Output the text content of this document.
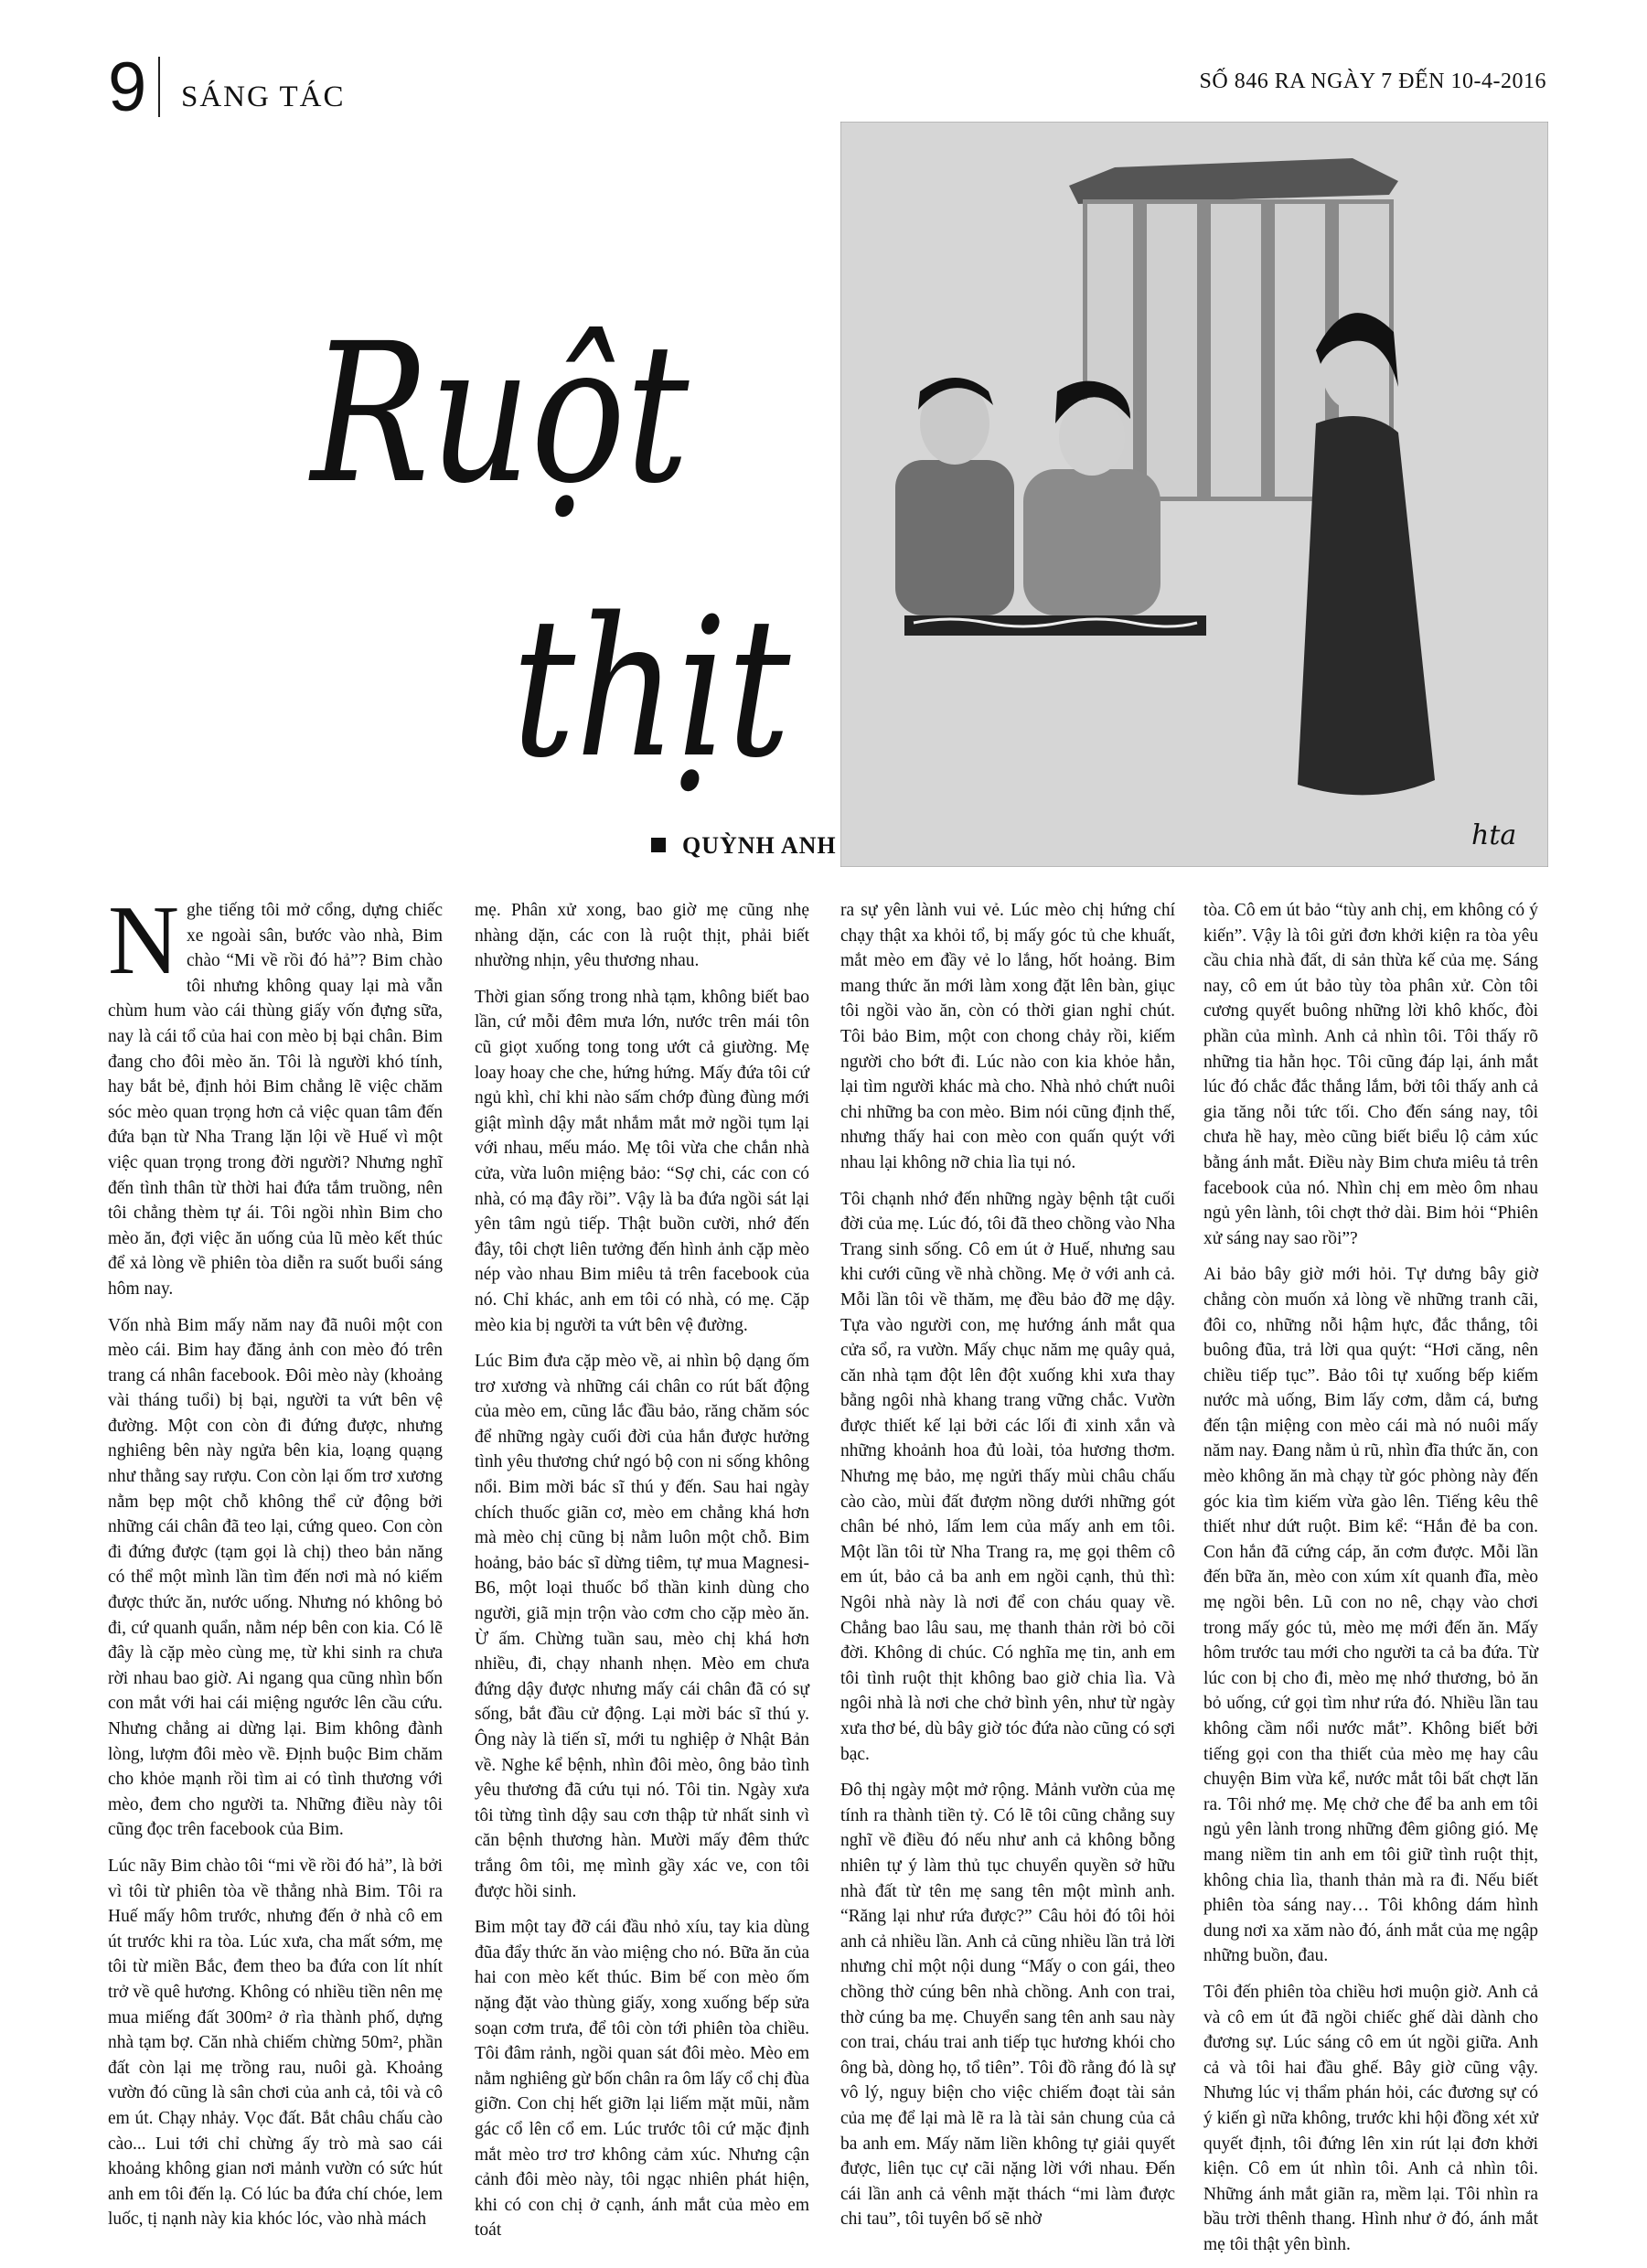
9 SÁNG TÁC	SỐ 846 RA NGÀY 7 ĐẾN 10-4-2016
Ruột
thịt
QUỲNH ANH	hta

Nghe tiếng tôi mở cổng, dựng chiếc xe ngoài sân, bước vào nhà, Bim chào “Mi về rồi đó hả”? Bim chào tôi nhưng không quay lại mà vẫn chùm hum vào cái thùng giấy vốn đựng sữa, nay là cái tổ của hai con mèo bị bại chân. Bim đang cho đôi mèo ăn. Tôi là người khó tính, hay bắt bẻ, định hỏi Bim chẳng lẽ việc chăm sóc mèo quan trọng hơn cả việc quan tâm đến đứa bạn từ Nha Trang lặn lội về Huế vì một việc quan trọng trong đời người? Nhưng nghĩ đến tình thân từ thời hai đứa tắm truồng, nên tôi chẳng thèm tự ái. Tôi ngồi nhìn Bim cho mèo ăn, đợi việc ăn uống của lũ mèo kết thúc để xả lòng về phiên tòa diễn ra suốt buổi sáng hôm nay.

Vốn nhà Bim mấy năm nay đã nuôi một con mèo cái. Bim hay đăng ảnh con mèo đó trên trang cá nhân facebook. Đôi mèo này (khoảng vài tháng tuổi) bị bại, người ta vứt bên vệ đường. Một con còn đi đứng được, nhưng nghiêng bên này ngửa bên kia, loạng quạng như thằng say rượu. Con còn lại ốm trơ xương nằm bẹp một chỗ không thể cử động bởi những cái chân đã teo lại, cứng queo. Con còn đi đứng được (tạm gọi là chị) theo bản năng có thể một mình lần tìm đến nơi mà nó kiếm được thức ăn, nước uống. Nhưng nó không bỏ đi, cứ quanh quẩn, nằm nép bên con kia. Có lẽ đây là cặp mèo cùng mẹ, từ khi sinh ra chưa rời nhau bao giờ. Ai ngang qua cũng nhìn bốn con mắt với hai cái miệng ngước lên cầu cứu. Nhưng chẳng ai dừng lại. Bim không đành lòng, lượm đôi mèo về. Định buộc Bim chăm cho khỏe mạnh rồi tìm ai có tình thương với mèo, đem cho người ta. Những điều này tôi cũng đọc trên facebook của Bim.

Lúc nãy Bim chào tôi “mi về rồi đó hả”, là bởi vì tôi từ phiên tòa về thẳng nhà Bim. Tôi ra Huế mấy hôm trước, nhưng đến ở nhà cô em út trước khi ra tòa. Lúc xưa, cha mất sớm, mẹ tôi từ miền Bắc, đem theo ba đứa con lít nhít trở về quê hương. Không có nhiều tiền nên mẹ mua miếng đất 300m² ở rìa thành phố, dựng nhà tạm bợ. Căn nhà chiếm chừng 50m², phần đất còn lại mẹ trồng rau, nuôi gà. Khoảng vườn đó cũng là sân chơi của anh cả, tôi và cô em út. Chạy nhảy. Vọc đất. Bắt châu chấu cào cào... Lui tới chỉ chừng ấy trò mà sao cái khoảng không gian nơi mảnh vườn có sức hút anh em tôi đến lạ. Có lúc ba đứa chí chóe, lem luốc, tị nạnh này kia khóc lóc, vào nhà mách

mẹ. Phân xử xong, bao giờ mẹ cũng nhẹ nhàng dặn, các con là ruột thịt, phải biết nhường nhịn, yêu thương nhau.

Thời gian sống trong nhà tạm, không biết bao lần, cứ mỗi đêm mưa lớn, nước trên mái tôn cũ giọt xuống tong tong ướt cả giường. Mẹ loay hoay che che, hứng hứng. Mấy đứa tôi cứ ngủ khì, chỉ khi nào sấm chớp đùng đùng mới giật mình dậy mắt nhắm mắt mở ngồi tụm lại với nhau, mếu máo. Mẹ tôi vừa che chắn nhà cửa, vừa luôn miệng bảo: “Sợ chi, các con có nhà, có mạ đây rồi”. Vậy là ba đứa ngồi sát lại yên tâm ngủ tiếp. Thật buồn cười, nhớ đến đây, tôi chợt liên tưởng đến hình ảnh cặp mèo nép vào nhau Bim miêu tả trên facebook của nó. Chỉ khác, anh em tôi có nhà, có mẹ. Cặp mèo kia bị người ta vứt bên vệ đường.

Lúc Bim đưa cặp mèo về, ai nhìn bộ dạng ốm trơ xương và những cái chân co rút bất động của mèo em, cũng lắc đầu bảo, răng chăm sóc để những ngày cuối đời của hắn được hưởng tình yêu thương chứ ngó bộ con ni sống không nổi. Bim mời bác sĩ thú y đến. Sau hai ngày chích thuốc giãn cơ, mèo em chẳng khá hơn mà mèo chị cũng bị nằm luôn một chỗ. Bim hoảng, bảo bác sĩ dừng tiêm, tự mua Magnesi-B6, một loại thuốc bổ thần kinh dùng cho người, giã mịn trộn vào cơm cho cặp mèo ăn. Ừ ấm. Chừng tuần sau, mèo chị khá hơn nhiều, đi, chạy nhanh nhẹn. Mèo em chưa đứng dậy được nhưng mấy cái chân đã có sự sống, bắt đầu cử động. Lại mời bác sĩ thú y. Ông này là tiến sĩ, mới tu nghiệp ở Nhật Bản về. Nghe kể bệnh, nhìn đôi mèo, ông bảo tình yêu thương đã cứu tụi nó. Tôi tin. Ngày xưa tôi từng tình dậy sau cơn thập tử nhất sinh vì căn bệnh thương hàn. Mười mấy đêm thức trắng ôm tôi, mẹ mình gầy xác ve, con tôi được hồi sinh.

Bim một tay đỡ cái đầu nhỏ xíu, tay kia dùng đũa đẩy thức ăn vào miệng cho nó. Bữa ăn của hai con mèo kết thúc. Bim bế con mèo ốm nặng đặt vào thùng giấy, xong xuống bếp sửa soạn cơm trưa, để tôi còn tới phiên tòa chiều. Tôi đâm rảnh, ngồi quan sát đôi mèo. Mèo em nằm nghiêng gừ bốn chân ra ôm lấy cổ chị đùa giỡn. Con chị hết giỡn lại liếm mặt mũi, nằm gác cổ lên cổ em. Lúc trước tôi cứ mặc định mắt mèo trơ trơ không cảm xúc. Nhưng cận cảnh đôi mèo này, tôi ngạc nhiên phát hiện, khi có con chị ở cạnh, ánh mắt của mèo em toát

ra sự yên lành vui vẻ. Lúc mèo chị hứng chí chạy thật xa khỏi tổ, bị mấy góc tủ che khuất, mắt mèo em đầy vẻ lo lắng, hốt hoảng. Bim mang thức ăn mới làm xong đặt lên bàn, giục tôi ngồi vào ăn, còn có thời gian nghỉ chút. Tôi bảo Bim, một con chong chảy rồi, kiếm người cho bớt đi. Lúc nào con kia khỏe hẳn, lại tìm người khác mà cho. Nhà nhỏ chứt nuôi chi những ba con mèo. Bim nói cũng định thế, nhưng thấy hai con mèo con quấn quýt với nhau lại không nỡ chia lìa tụi nó.

Tôi chạnh nhớ đến những ngày bệnh tật cuối đời của mẹ. Lúc đó, tôi đã theo chồng vào Nha Trang sinh sống. Cô em út ở Huế, nhưng sau khi cưới cũng về nhà chồng. Mẹ ở với anh cả. Mỗi lần tôi về thăm, mẹ đều bảo đỡ mẹ dậy. Tựa vào người con, mẹ hướng ánh mắt qua cửa sổ, ra vườn. Mấy chục năm mẹ quây quả, căn nhà tạm đột lên đột xuống khi xưa thay bằng ngôi nhà khang trang vững chắc. Vườn được thiết kế lại bởi các lối đi xinh xắn và những khoảnh hoa đủ loài, tỏa hương thơm. Nhưng mẹ bảo, mẹ ngửi thấy mùi châu chấu cào cào, mùi đất đượm nồng dưới những gót chân bé nhỏ, lấm lem của mấy anh em tôi. Một lần tôi từ Nha Trang ra, mẹ gọi thêm cô em út, bảo cả ba anh em ngồi cạnh, thủ thì: Ngôi nhà này là nơi để con cháu quay về. Chẳng bao lâu sau, mẹ thanh thản rời bỏ cõi đời. Không di chúc. Có nghĩa mẹ tin, anh em tôi tình ruột thịt không bao giờ chia lìa. Và ngôi nhà là nơi che chở bình yên, như từ ngày xưa thơ bé, dù bây giờ tóc đứa nào cũng có sợi bạc.

Đô thị ngày một mở rộng. Mảnh vườn của mẹ tính ra thành tiền tỷ. Có lẽ tôi cũng chẳng suy nghĩ về điều đó nếu như anh cả không bỗng nhiên tự ý làm thủ tục chuyển quyền sở hữu nhà đất từ tên mẹ sang tên một mình anh. “Răng lại như rứa được?” Câu hỏi đó tôi hỏi anh cả nhiều lần. Anh cả cũng nhiều lần trả lời nhưng chỉ một nội dung “Mấy o con gái, theo chồng thờ cúng bên nhà chồng. Anh con trai, thờ cúng ba mẹ. Chuyển sang tên anh sau này con trai, cháu trai anh tiếp tục hương khói cho ông bà, dòng họ, tổ tiên”. Tôi đồ rằng đó là sự vô lý, nguy biện cho việc chiếm đoạt tài sản của mẹ để lại mà lẽ ra là tài sản chung của cả ba anh em. Mấy năm liền không tự giải quyết được, liên tục cự cãi nặng lời với nhau. Đến cái lần anh cả vênh mặt thách “mi làm được chi tau”, tôi tuyên bố sẽ nhờ

tòa. Cô em út bảo “tùy anh chị, em không có ý kiến”. Vậy là tôi gửi đơn khởi kiện ra tòa yêu cầu chia nhà đất, di sản thừa kế của mẹ. Sáng nay, cô em út bảo tùy tòa phân xử. Còn tôi cương quyết buông những lời khô khốc, đòi phần của mình. Anh cả nhìn tôi. Tôi thấy rõ những tia hằn học. Tôi cũng đáp lại, ánh mắt lúc đó chắc đắc thắng lắm, bởi tôi thấy anh cả gia tăng nỗi tức tối. Cho đến sáng nay, tôi chưa hề hay, mèo cũng biết biểu lộ cảm xúc bằng ánh mắt. Điều này Bim chưa miêu tả trên facebook của nó. Nhìn chị em mèo ôm nhau ngủ yên lành, tôi chợt thở dài. Bim hỏi “Phiên xử sáng nay sao rồi”?

Ai bảo bây giờ mới hỏi. Tự dưng bây giờ chẳng còn muốn xả lòng về những tranh cãi, đôi co, những nỗi hậm hực, đắc thắng, tôi buông đũa, trả lời qua quýt: “Hơi căng, nên chiều tiếp tục”. Bảo tôi tự xuống bếp kiếm nước mà uống, Bim lấy cơm, dằm cá, bưng đến tận miệng con mèo cái mà nó nuôi mấy năm nay. Đang nằm ủ rũ, nhìn đĩa thức ăn, con mèo không ăn mà chạy từ góc phòng này đến góc kia tìm kiếm vừa gào lên. Tiếng kêu thê thiết như dứt ruột. Bim kể: “Hắn đẻ ba con. Con hắn đã cứng cáp, ăn cơm được. Mỗi lần đến bữa ăn, mèo con xúm xít quanh đĩa, mèo mẹ ngồi bên. Lũ con no nê, chạy vào chơi trong mấy góc tủ, mèo mẹ mới đến ăn. Mấy hôm trước tau mới cho người ta cả ba đứa. Từ lúc con bị cho đi, mèo mẹ nhớ thương, bỏ ăn bỏ uống, cứ gọi tìm như rứa đó. Nhiều lần tau không cầm nổi nước mắt”. Không biết bởi tiếng gọi con tha thiết của mèo mẹ hay câu chuyện Bim vừa kể, nước mắt tôi bất chợt lăn ra. Tôi nhớ mẹ. Mẹ chở che để ba anh em tôi ngủ yên lành trong những đêm giông gió. Mẹ mang niềm tin anh em tôi giữ tình ruột thịt, không chia lìa, thanh thản mà ra đi. Nếu biết phiên tòa sáng nay… Tôi không dám hình dung nơi xa xăm nào đó, ánh mắt của mẹ ngập những buồn, đau.

Tôi đến phiên tòa chiều hơi muộn giờ. Anh cả và cô em út đã ngồi chiếc ghế dài dành cho đương sự. Lúc sáng cô em út ngồi giữa. Anh cả và tôi hai đầu ghế. Bây giờ cũng vậy. Nhưng lúc vị thẩm phán hỏi, các đương sự có ý kiến gì nữa không, trước khi hội đồng xét xử quyết định, tôi đứng lên xin rút lại đơn khởi kiện. Cô em út nhìn tôi. Anh cả nhìn tôi. Những ánh mắt giãn ra, mềm lại. Tôi nhìn ra bầu trời thênh thang. Hình như ở đó, ánh mắt mẹ tôi thật yên bình.
